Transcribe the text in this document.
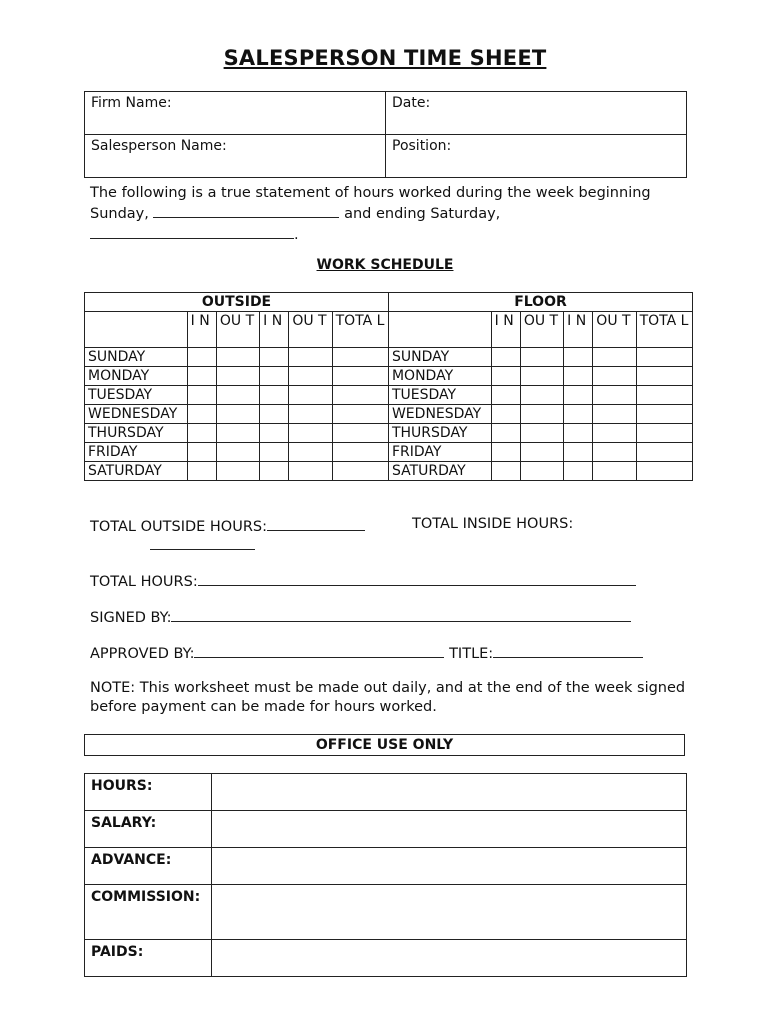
SALESPERSON TIME SHEET
Firm Name:	Date:
Salesperson Name:	Position:
The following is a true statement of hours worked during the week beginning Sunday,	and ending Saturday,
.
WORK SCHEDULE
OUTSIDE						FLOOR					
	I N	OU T	I N	OU T	TOTA L		I N	OU T	I N	OU T	TOTA L
SUNDAY						SUNDAY					
MONDAY						MONDAY					
TUESDAY						TUESDAY					
WEDNESDAY						WEDNESDAY					
THURSDAY						THURSDAY					
FRIDAY						FRIDAY					
SATURDAY						SATURDAY					
TOTAL OUTSIDE HOURS:	TOTAL INSIDE HOURS:
TOTAL HOURS:
SIGNED BY:
APPROVED BY:	TITLE:
NOTE: This worksheet must be made out daily, and at the end of the week signed before payment can be made for hours worked.
OFFICE USE ONLY
HOURS:	
SALARY:	
ADVANCE:	
COMMISSION:	
PAIDS:	
